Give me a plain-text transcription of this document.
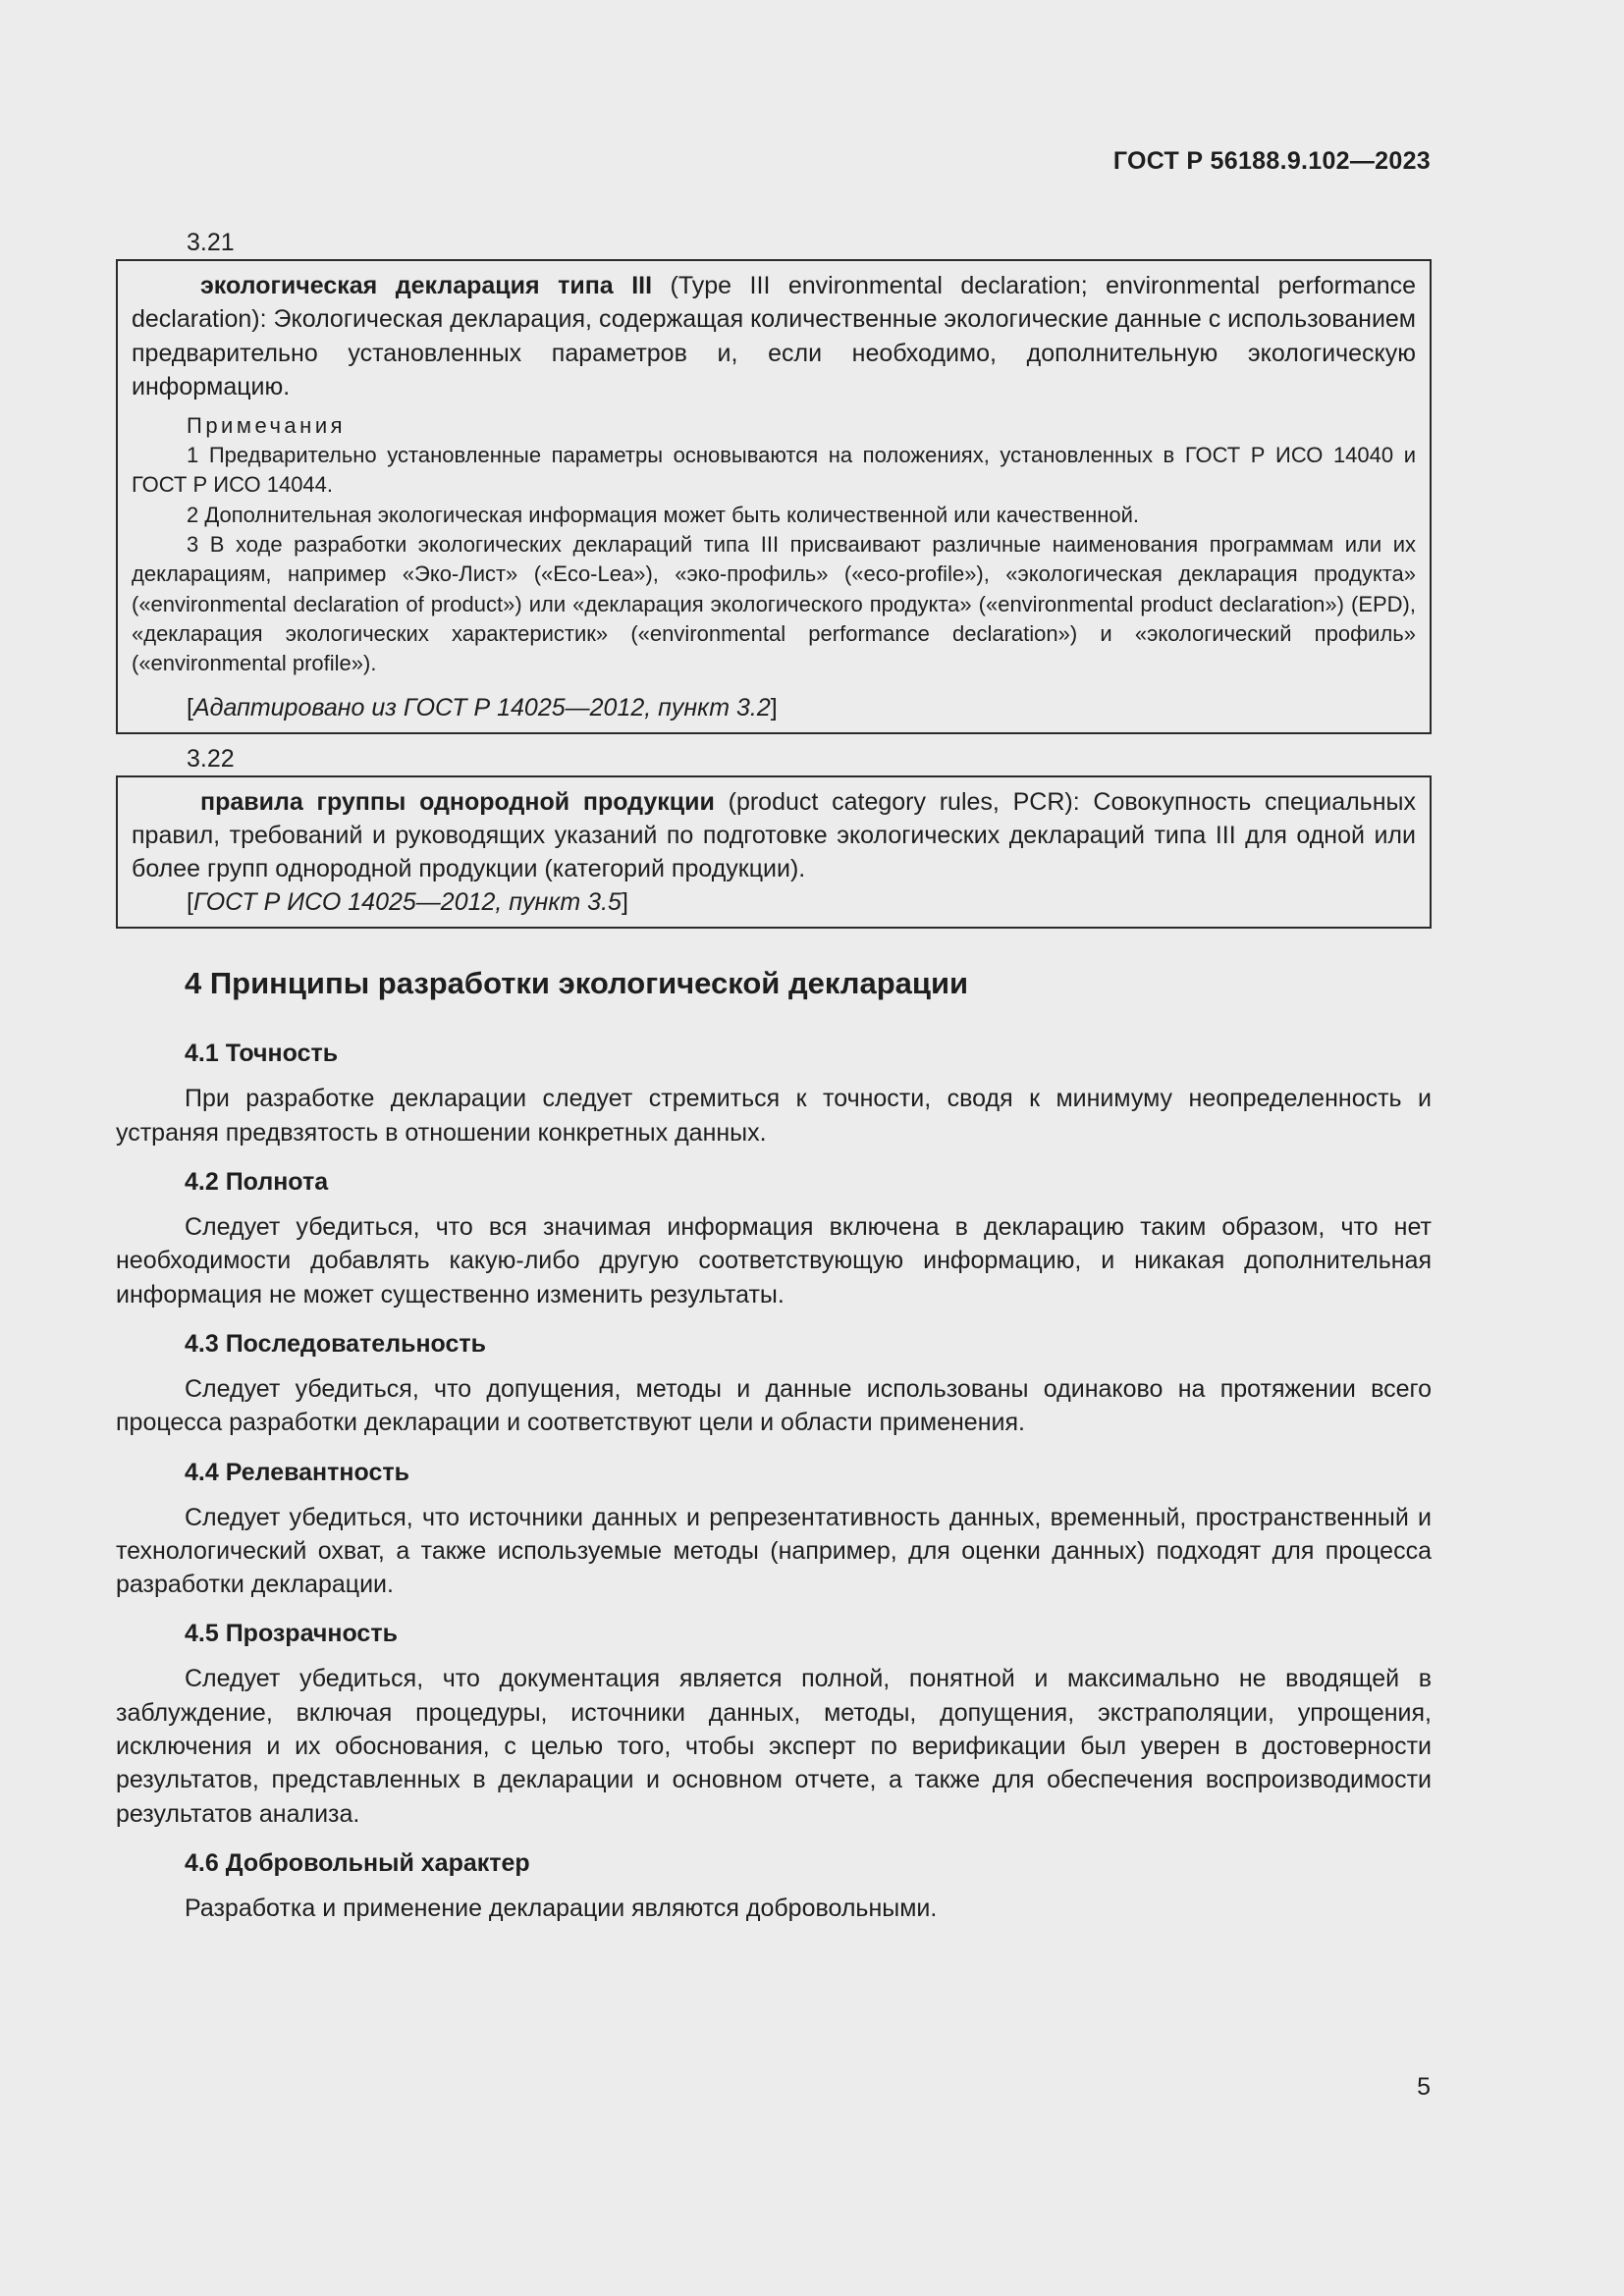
ГОСТ Р 56188.9.102—2023
3.21

экологическая декларация типа III (Type III environmental declaration; environmental performance declaration): Экологическая декларация, содержащая количественные экологические данные с использованием предварительно установленных параметров и, если необходимо, дополнительную экологическую информацию.

Примечания

1 Предварительно установленные параметры основываются на положениях, установленных в ГОСТ Р ИСО 14040 и ГОСТ Р ИСО 14044.

2 Дополнительная экологическая информация может быть количественной или качественной.

3 В ходе разработки экологических деклараций типа III присваивают различные наименования программам или их декларациям, например «Эко-Лист» («Eco-Lea»), «эко-профиль» («eco-profile»), «экологическая декларация продукта» («environmental declaration of product») или «декларация экологического продукта» («environmental product declaration») (EPD), «декларация экологических характеристик» («environmental performance declaration») и «экологический профиль» («environmental profile»).

[Адаптировано из ГОСТ Р 14025—2012, пункт 3.2]
3.22

правила группы однородной продукции (product category rules, PCR): Совокупность специальных правил, требований и руководящих указаний по подготовке экологических деклараций типа III для одной или более групп однородной продукции (категорий продукции).

[ГОСТ Р ИСО 14025—2012, пункт 3.5]
4 Принципы разработки экологической декларации
4.1 Точность

При разработке декларации следует стремиться к точности, сводя к минимуму неопределенность и устраняя предвзятость в отношении конкретных данных.

4.2 Полнота

Следует убедиться, что вся значимая информация включена в декларацию таким образом, что нет необходимости добавлять какую-либо другую соответствующую информацию, и никакая дополнительная информация не может существенно изменить результаты.

4.3 Последовательность

Следует убедиться, что допущения, методы и данные использованы одинаково на протяжении всего процесса разработки декларации и соответствуют цели и области применения.

4.4 Релевантность

Следует убедиться, что источники данных и репрезентативность данных, временный, пространственный и технологический охват, а также используемые методы (например, для оценки данных) подходят для процесса разработки декларации.

4.5 Прозрачность

Следует убедиться, что документация является полной, понятной и максимально не вводящей в заблуждение, включая процедуры, источники данных, методы, допущения, экстраполяции, упрощения, исключения и их обоснования, с целью того, чтобы эксперт по верификации был уверен в достоверности результатов, представленных в декларации и основном отчете, а также для обеспечения воспроизводимости результатов анализа.

4.6 Добровольный характер

Разработка и применение декларации являются добровольными.

5
